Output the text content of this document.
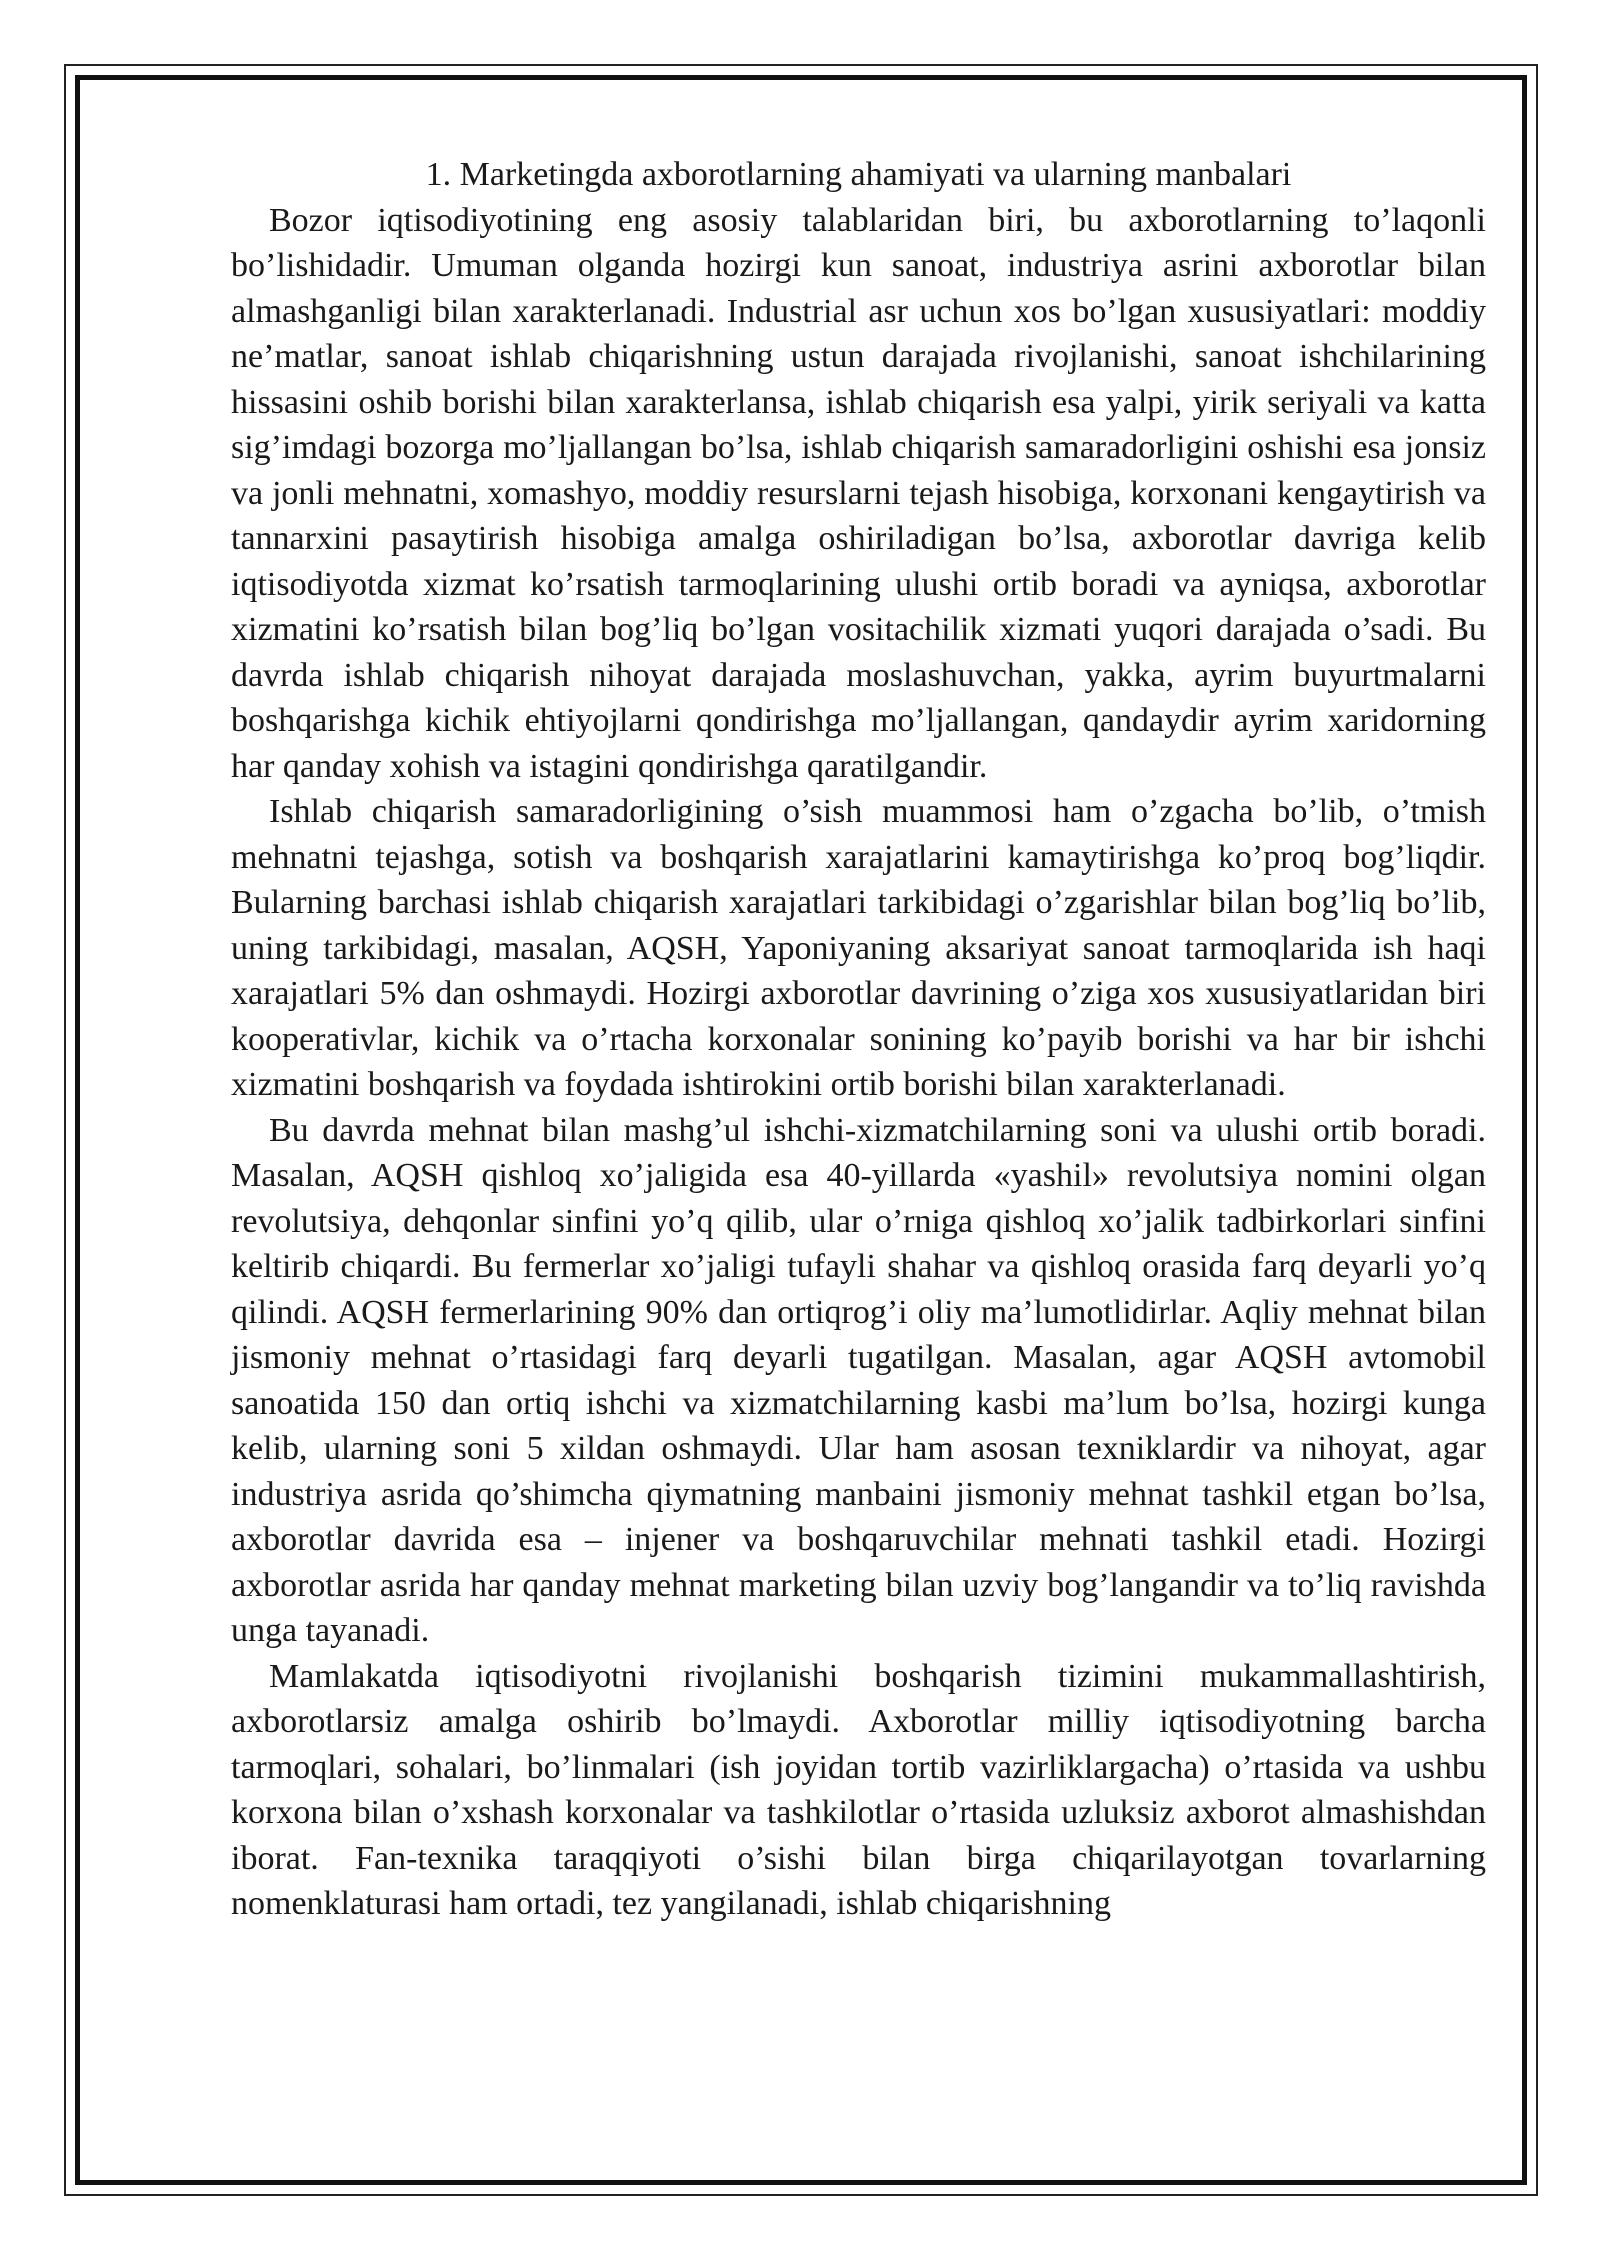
1. Marketingda axborotlarning ahamiyati va ularning manbalari

Bozor iqtisodiyotining eng asosiy talablaridan biri, bu axborotlarning to’laqonli bo’lishidadir. Umuman olganda hozirgi kun sanoat, industriya asrini axborotlar bilan almashganligi bilan xarakterlanadi. Industrial asr uchun xos bo’lgan xususiyatlari: moddiy ne’matlar, sanoat ishlab chiqarishning ustun darajada rivojlanishi, sanoat ishchilarining hissasini oshib borishi bilan xarakterlansa, ishlab chiqarish esa yalpi, yirik seriyali va katta sig’imdagi bozorga mo’ljallangan bo’lsa, ishlab chiqarish samaradorligini oshishi esa jonsiz va jonli mehnatni, xomashyo, moddiy resurslarni tejash hisobiga, korxonani kengaytirish va tannarxini pasaytirish hisobiga amalga oshiriladigan bo’lsa, axborotlar davriga kelib iqtisodiyotda xizmat ko’rsatish tarmoqlarining ulushi ortib boradi va ayniqsa, axborotlar xizmatini ko’rsatish bilan bog’liq bo’lgan vositachilik xizmati yuqori darajada o’sadi. Bu davrda ishlab chiqarish nihoyat darajada moslashuvchan, yakka, ayrim buyurtmalarni boshqarishga kichik ehtiyojlarni qondirishga mo’ljallangan, qandaydir ayrim xaridorning har qanday xohish va istagini qondirishga qaratilgandir.

Ishlab chiqarish samaradorligining o’sish muammosi ham o’zgacha bo’lib, o’tmish mehnatni tejashga, sotish va boshqarish xarajatlarini kamaytirishga ko’proq bog’liqdir. Bularning barchasi ishlab chiqarish xarajatlari tarkibidagi o’zgarishlar bilan bog’liq bo’lib, uning tarkibidagi, masalan, AQSH, Yaponiyaning aksariyat sanoat tarmoqlarida ish haqi xarajatlari 5% dan oshmaydi. Hozirgi axborotlar davrining o’ziga xos xususiyatlaridan biri kooperativlar, kichik va o’rtacha korxonalar sonining ko’payib borishi va har bir ishchi xizmatini boshqarish va foydada ishtirokini ortib borishi bilan xarakterlanadi.

Bu davrda mehnat bilan mashg’ul ishchi-xizmatchilarning soni va ulushi ortib boradi. Masalan, AQSH qishloq xo’jaligida esa 40-yillarda «yashil» revolutsiya nomini olgan revolutsiya, dehqonlar sinfini yo’q qilib, ular o’rniga qishloq xo’jalik tadbirkorlari sinfini keltirib chiqardi. Bu fermerlar xo’jaligi tufayli shahar va qishloq orasida farq deyarli yo’q qilindi. AQSH fermerlarining 90% dan ortiqrog’i oliy ma’lumotlidirlar. Aqliy mehnat bilan jismoniy mehnat o’rtasidagi farq deyarli tugatilgan. Masalan, agar AQSH avtomobil sanoatida 150 dan ortiq ishchi va xizmatchilarning kasbi ma’lum bo’lsa, hozirgi kunga kelib, ularning soni 5 xildan oshmaydi. Ular ham asosan texniklardir va nihoyat, agar industriya asrida qo’shimcha qiymatning manbaini jismoniy mehnat tashkil etgan bo’lsa, axborotlar davrida esa – injener va boshqaruvchilar mehnati tashkil etadi. Hozirgi axborotlar asrida har qanday mehnat marketing bilan uzviy bog’langandir va to’liq ravishda unga tayanadi.

Mamlakatda iqtisodiyotni rivojlanishi boshqarish tizimini mukammallashtirish, axborotlarsiz amalga oshirib bo’lmaydi. Axborotlar milliy iqtisodiyotning barcha tarmoqlari, sohalari, bo’linmalari (ish joyidan tortib vazirliklargacha) o’rtasida va ushbu korxona bilan o’xshash korxonalar va tashkilotlar o’rtasida uzluksiz axborot almashishdan iborat. Fan-texnika taraqqiyoti o’sishi bilan birga chiqarilayotgan tovarlarning nomenklaturasi ham ortadi, tez yangilanadi, ishlab chiqarishning
